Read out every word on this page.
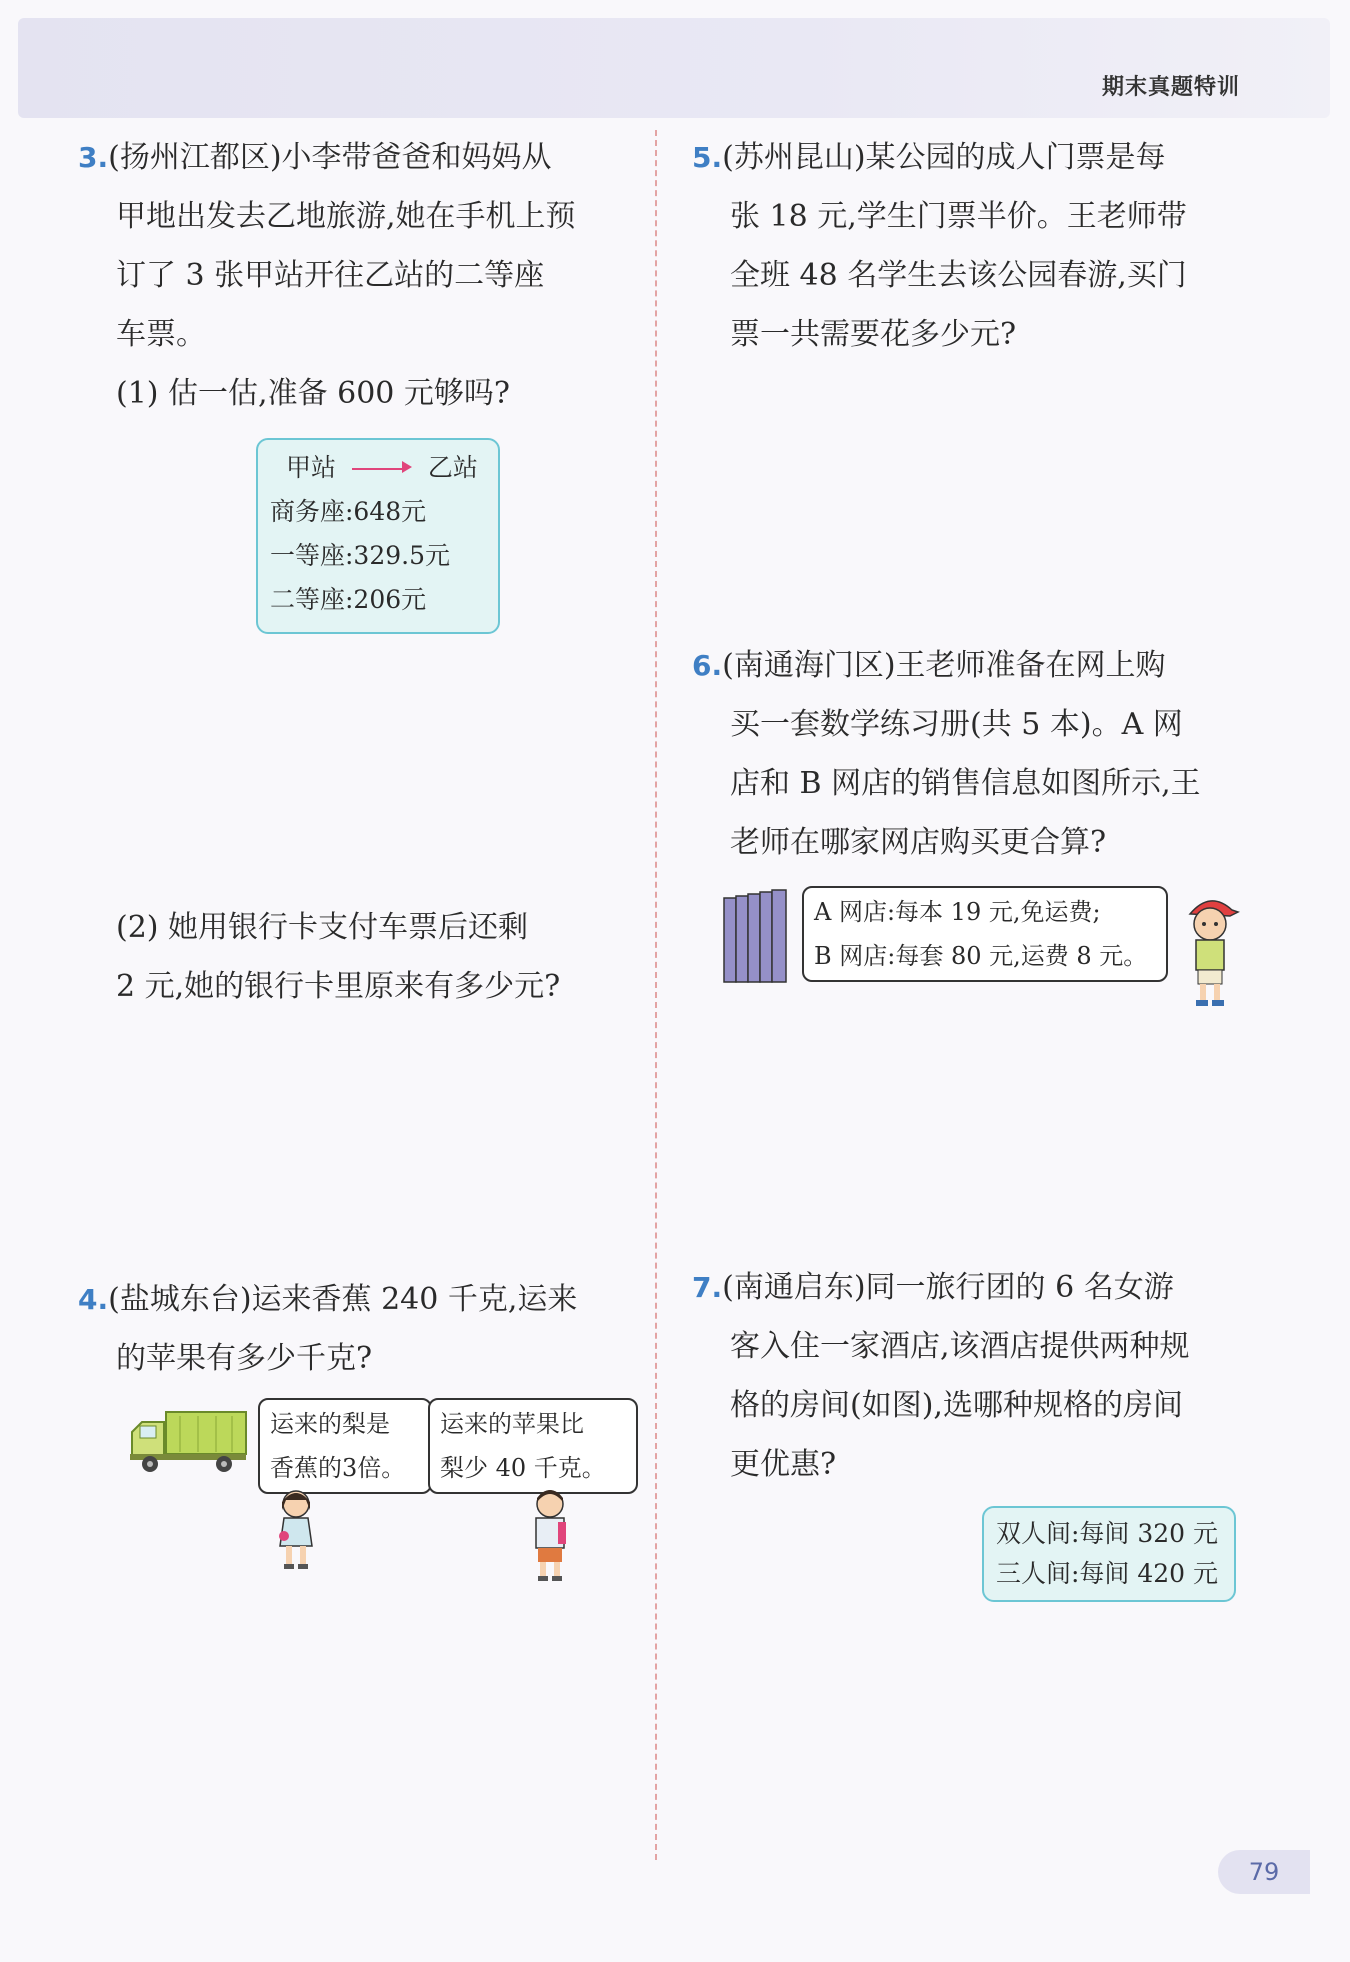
期末真题特训
3.(扬州江都区)小李带爸爸和妈妈从
甲地出发去乙地旅游,她在手机上预
订了 3 张甲站开往乙站的二等座
车票。
(1) 估一估,准备 600 元够吗?
甲站	乙站
商务座:648元
一等座:329.5元
二等座:206元
(2) 她用银行卡支付车票后还剩
2 元,她的银行卡里原来有多少元?
4.(盐城东台)运来香蕉 240 千克,运来
的苹果有多少千克?
运来的梨是
香蕉的3倍。
运来的苹果比
梨少 40 千克。
5.(苏州昆山)某公园的成人门票是每
张 18 元,学生门票半价。王老师带
全班 48 名学生去该公园春游,买门
票一共需要花多少元?
6.(南通海门区)王老师准备在网上购
买一套数学练习册(共 5 本)。A 网
店和 B 网店的销售信息如图所示,王
老师在哪家网店购买更合算?
A 网店:每本 19 元,免运费;
B 网店:每套 80 元,运费 8 元。
7.(南通启东)同一旅行团的 6 名女游
客入住一家酒店,该酒店提供两种规
格的房间(如图),选哪种规格的房间
更优惠?
双人间:每间 320 元
三人间:每间 420 元
79
